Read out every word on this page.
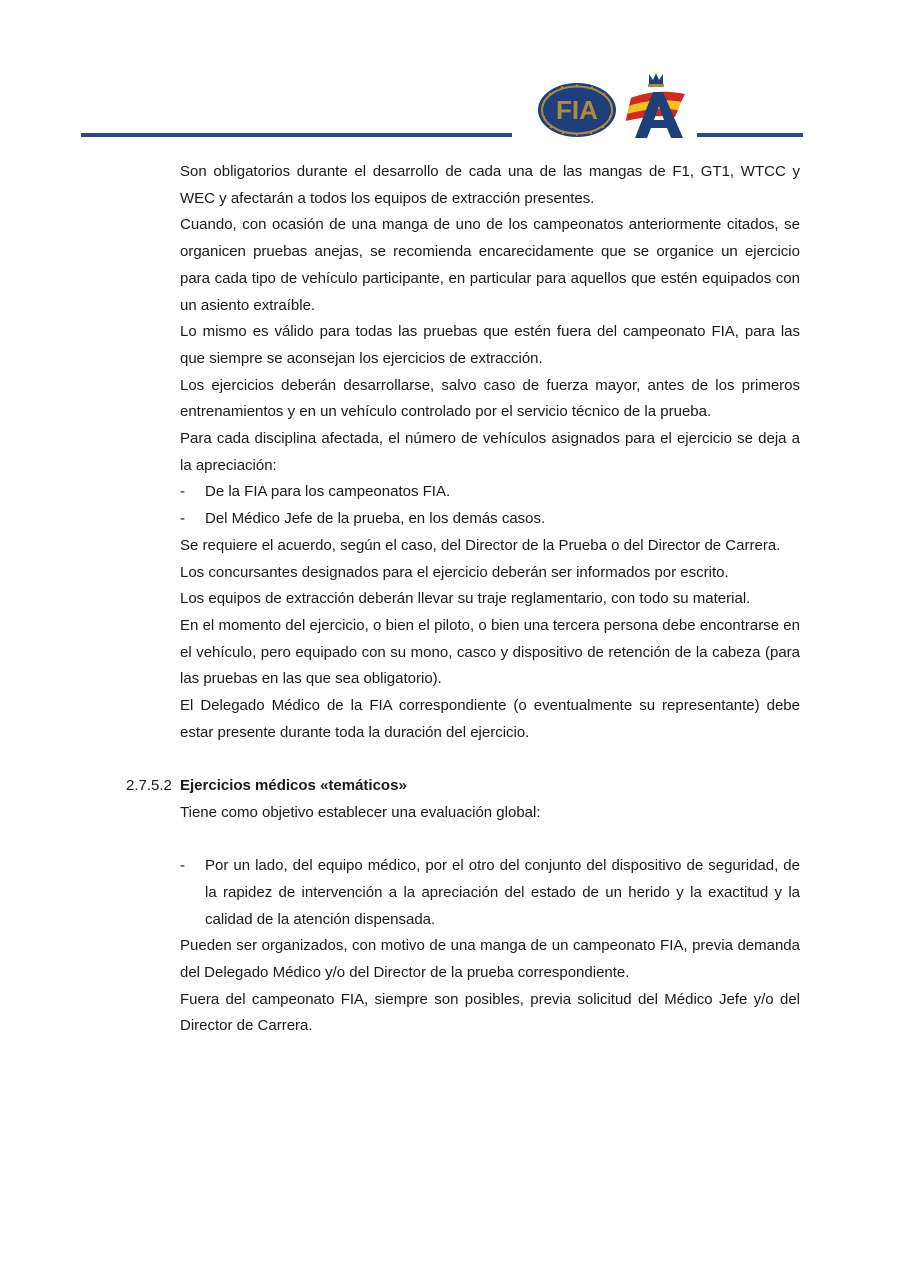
FIA

Son obligatorios durante el desarrollo de cada una de las mangas de F1, GT1, WTCC y WEC y afectarán a todos los equipos de extracción presentes.

Cuando, con ocasión de una manga de uno de los campeonatos anteriormente citados, se organicen pruebas anejas, se recomienda encarecidamente que se organice un ejercicio para cada tipo de vehículo participante, en particular para aquellos que estén equipados con un asiento extraíble.

Lo mismo es válido para todas las pruebas que estén fuera del campeonato FIA, para las que siempre se aconsejan los ejercicios de extracción.

Los ejercicios deberán desarrollarse, salvo caso de fuerza mayor, antes de los primeros entrenamientos y en un vehículo controlado por el servicio técnico de la prueba.

Para cada disciplina afectada, el número de vehículos asignados para el ejercicio se deja a la apreciación:

-	De la FIA para los campeonatos FIA.
-	Del Médico Jefe de la prueba, en los demás casos.

Se requiere el acuerdo, según el caso, del Director de la Prueba o del Director de Carrera.

Los concursantes designados para el ejercicio deberán ser informados por escrito.

Los equipos de extracción deberán llevar su traje reglamentario, con todo su material.

En el momento del ejercicio, o bien el piloto, o bien una tercera persona debe encontrarse en el vehículo, pero equipado con su mono, casco y dispositivo de retención de la cabeza (para las pruebas en las que sea obligatorio).

El Delegado Médico de la FIA correspondiente (o eventualmente su representante) debe estar presente durante toda la duración del ejercicio.

2.7.5.2 Ejercicios médicos «temáticos»

Tiene como objetivo establecer una evaluación global:

-	Por un lado, del equipo médico, por el otro del conjunto del dispositivo de seguridad, de la rapidez de intervención a la apreciación del estado de un herido y la exactitud y la calidad de la atención dispensada.

Pueden ser organizados, con motivo de una manga de un campeonato FIA, previa demanda del Delegado Médico y/o del Director de la prueba correspondiente.

Fuera del campeonato FIA, siempre son posibles, previa solicitud del Médico Jefe y/o del Director de Carrera.
